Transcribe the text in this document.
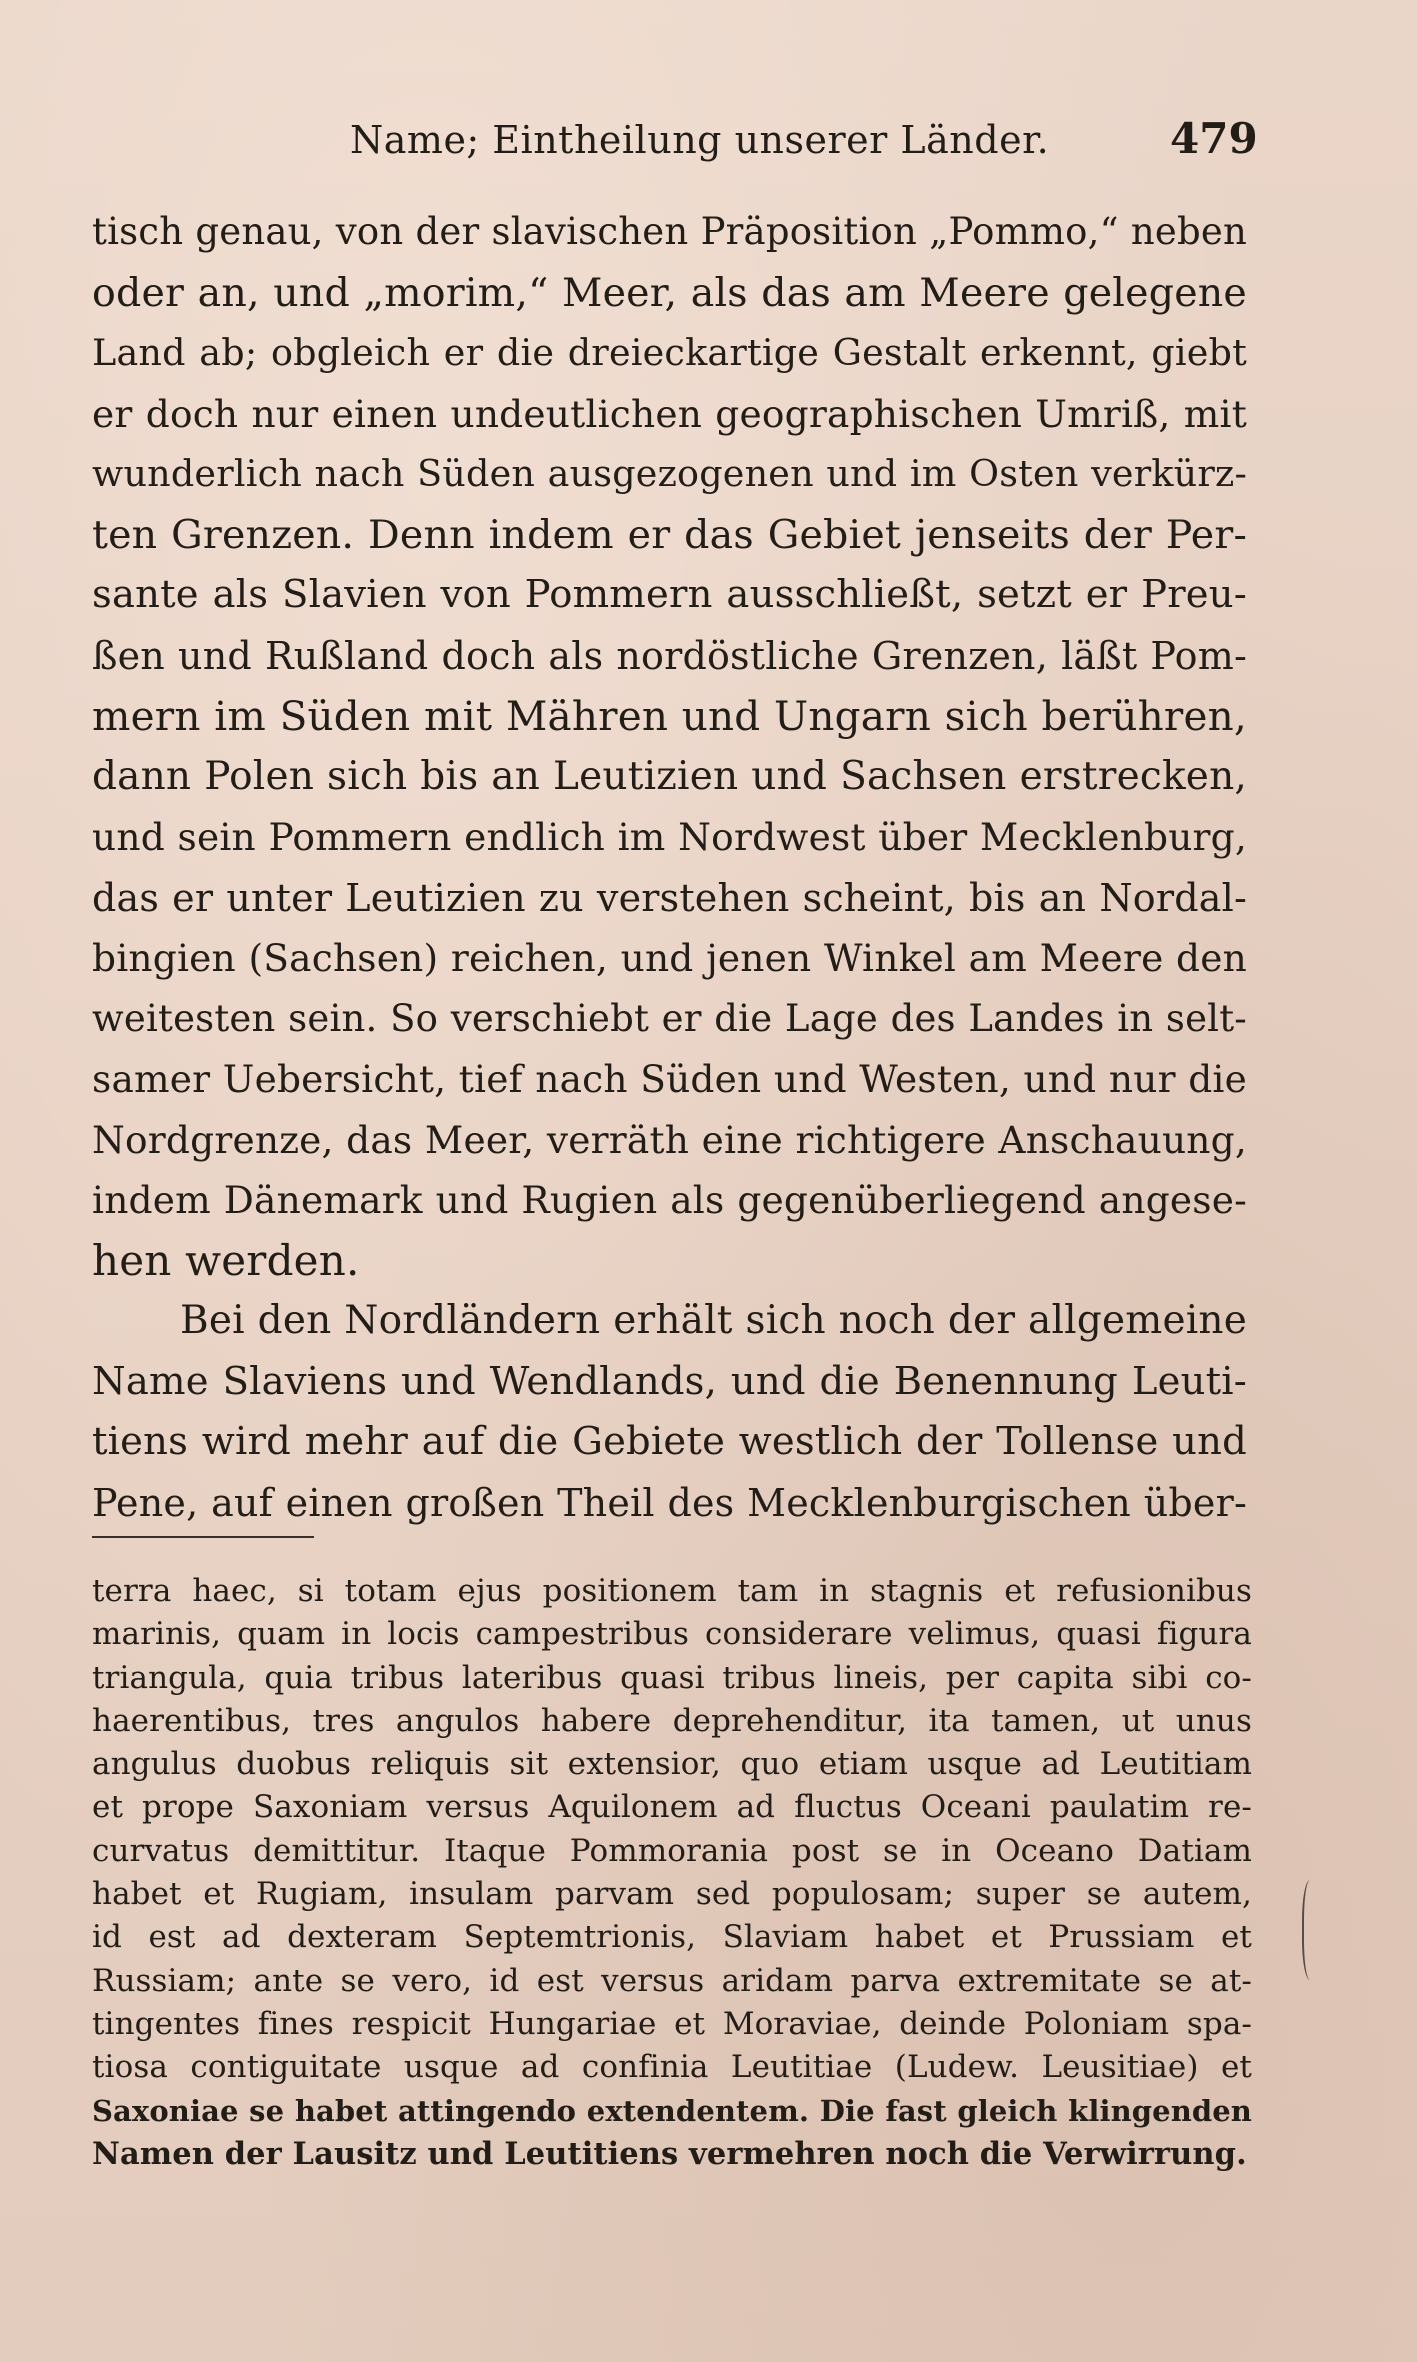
Name; Eintheilung unserer Länder.	479
tisch genau, von der slavischen Präposition „Pommo,“ neben
oder an, und „morim,“ Meer, als das am Meere gelegene
Land ab; obgleich er die dreieckartige Gestalt erkennt, giebt
er doch nur einen undeutlichen geographischen Umriß, mit
wunderlich nach Süden ausgezogenen und im Osten verkürz-
ten Grenzen. Denn indem er das Gebiet jenseits der Per-
sante als Slavien von Pommern ausschließt, setzt er Preu-
ßen und Rußland doch als nordöstliche Grenzen, läßt Pom-
mern im Süden mit Mähren und Ungarn sich berühren,
dann Polen sich bis an Leutizien und Sachsen erstrecken,
und sein Pommern endlich im Nordwest über Mecklenburg,
das er unter Leutizien zu verstehen scheint, bis an Nordal-
bingien (Sachsen) reichen, und jenen Winkel am Meere den
weitesten sein. So verschiebt er die Lage des Landes in selt-
samer Uebersicht, tief nach Süden und Westen, und nur die
Nordgrenze, das Meer, verräth eine richtigere Anschauung,
indem Dänemark und Rugien als gegenüberliegend angese-
hen werden.
Bei den Nordländern erhält sich noch der allgemeine
Name Slaviens und Wendlands, und die Benennung Leuti-
tiens wird mehr auf die Gebiete westlich der Tollense und
Pene, auf einen großen Theil des Mecklenburgischen über-
terra haec, si totam ejus positionem tam in stagnis et refusionibus
marinis, quam in locis campestribus considerare velimus, quasi figura
triangula, quia tribus lateribus quasi tribus lineis, per capita sibi co-
haerentibus, tres angulos habere deprehenditur, ita tamen, ut unus
angulus duobus reliquis sit extensior, quo etiam usque ad Leutitiam
et prope Saxoniam versus Aquilonem ad fluctus Oceani paulatim re-
curvatus demittitur. Itaque Pommorania post se in Oceano Datiam
habet et Rugiam, insulam parvam sed populosam; super se autem,
id est ad dexteram Septemtrionis, Slaviam habet et Prussiam et
Russiam; ante se vero, id est versus aridam parva extremitate se at-
tingentes fines respicit Hungariae et Moraviae, deinde Poloniam spa-
tiosa contiguitate usque ad confinia Leutitiae (Ludew. Leusitiae) et
Saxoniae se habet attingendo extendentem. Die fast gleich klingenden
Namen der Lausitz und Leutitiens vermehren noch die Verwirrung.
